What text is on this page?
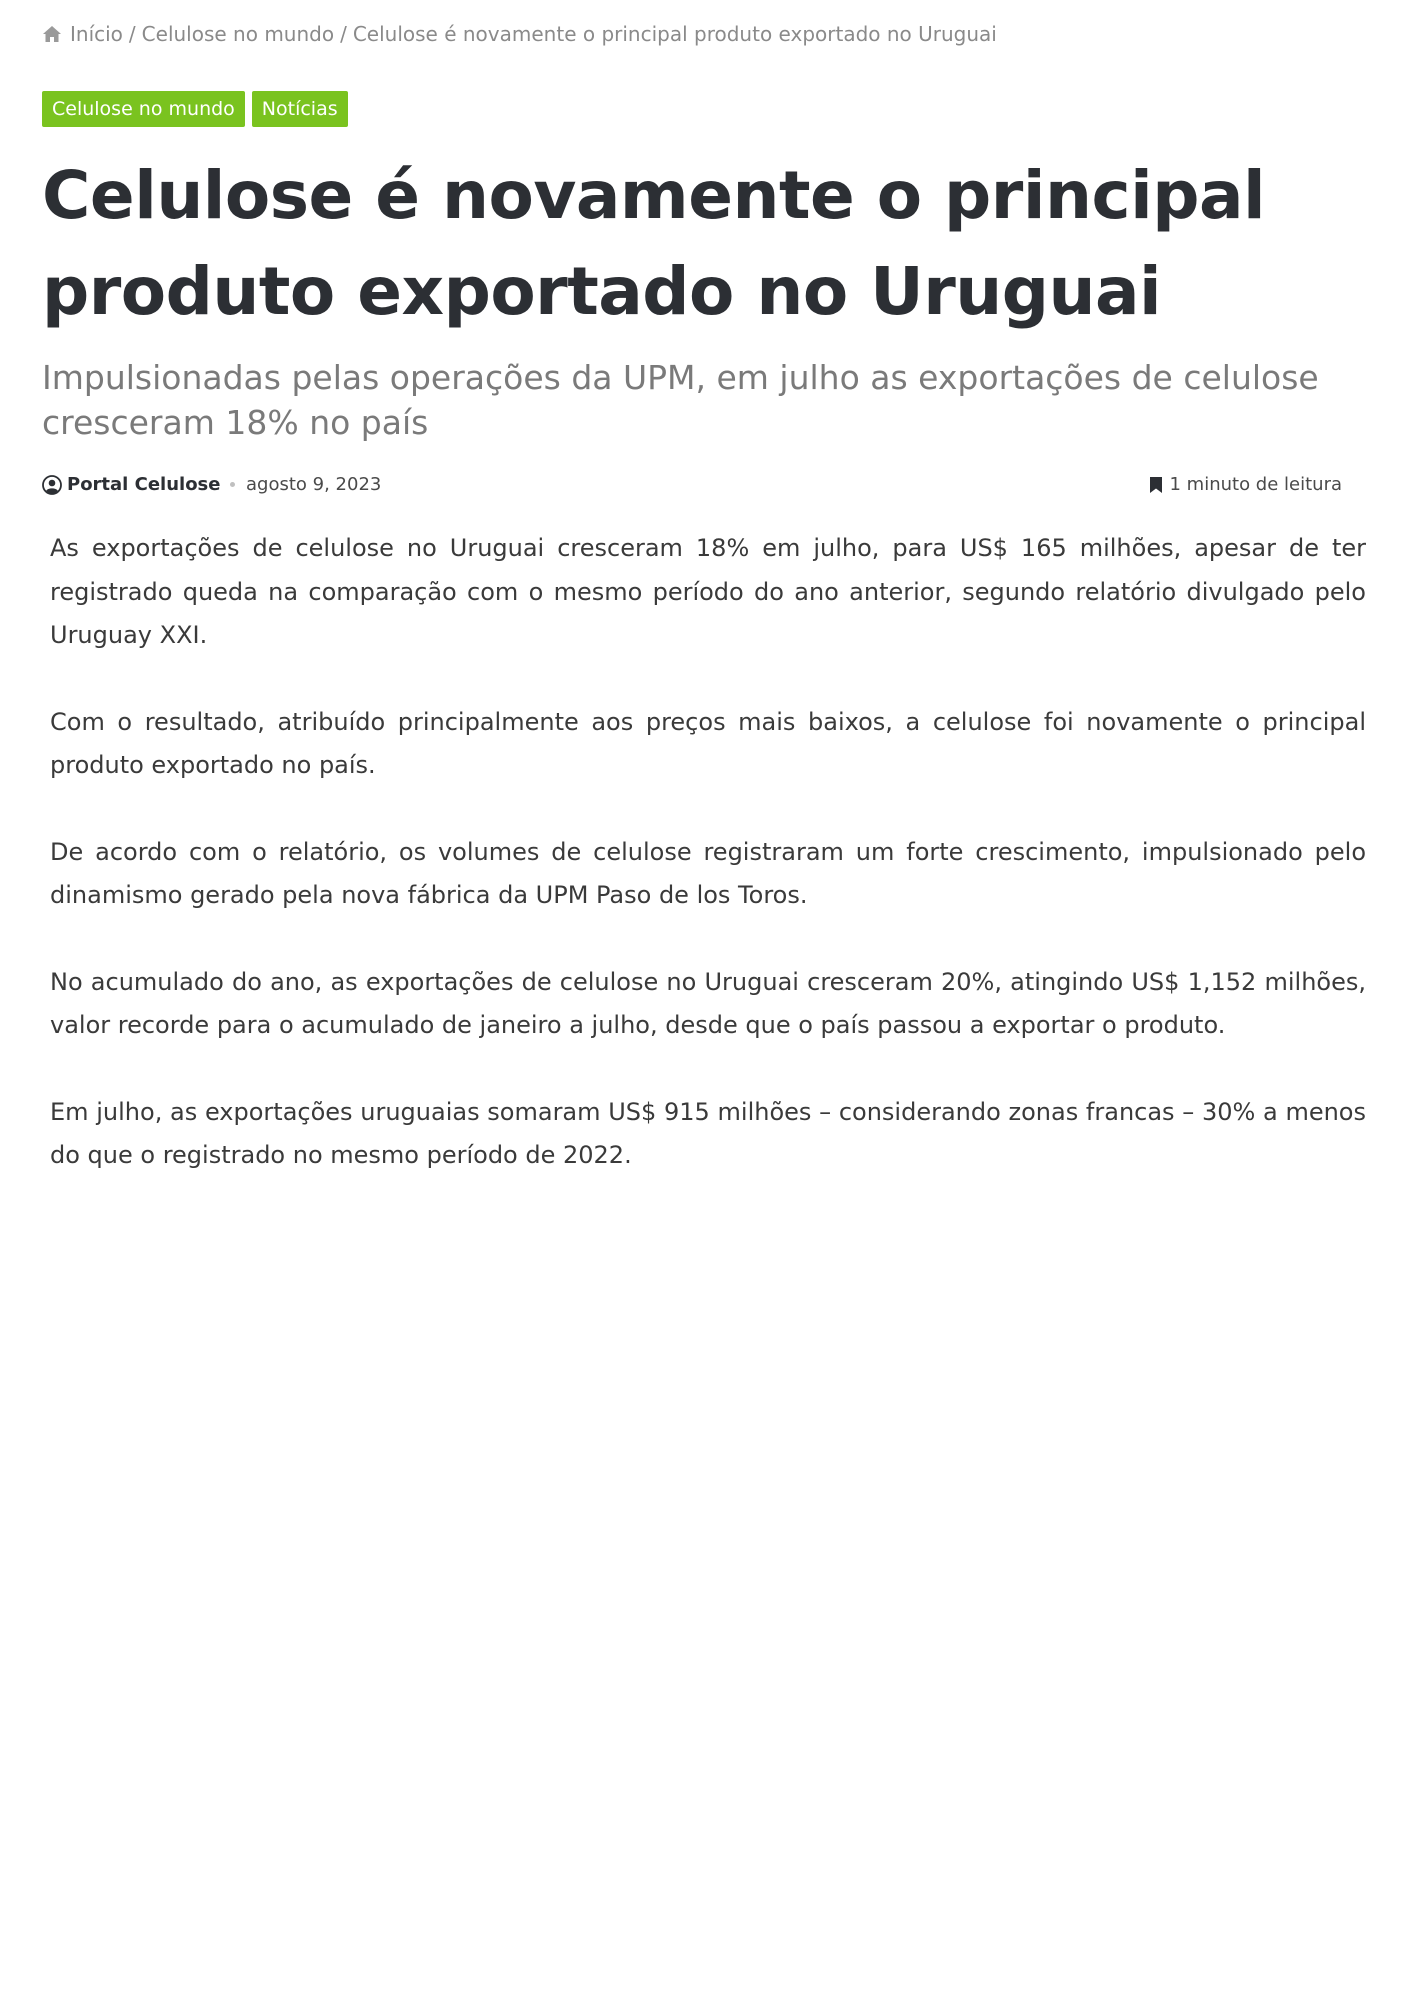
Início / Celulose no mundo / Celulose é novamente o principal produto exportado no Uruguai
Celulose no mundo	Notícias
Celulose é novamente o principal produto exportado no Uruguai
Impulsionadas pelas operações da UPM, em julho as exportações de celulose cresceram 18% no país
Portal Celulose agosto 9, 2023	1 minuto de leitura

As exportações de celulose no Uruguai cresceram 18% em julho, para US$ 165 milhões, apesar de ter registrado queda na comparação com o mesmo período do ano anterior, segundo relatório divulgado pelo Uruguay XXI.

Com o resultado, atribuído principalmente aos preços mais baixos, a celulose foi novamente o principal produto exportado no país.

De acordo com o relatório, os volumes de celulose registraram um forte crescimento, impulsionado pelo dinamismo gerado pela nova fábrica da UPM Paso de los Toros.

No acumulado do ano, as exportações de celulose no Uruguai cresceram 20%, atingindo US$ 1,152 milhões, valor recorde para o acumulado de janeiro a julho, desde que o país passou a exportar o produto.

Em julho, as exportações uruguaias somaram US$ 915 milhões – considerando zonas francas – 30% a menos do que o registrado no mesmo período de 2022.
